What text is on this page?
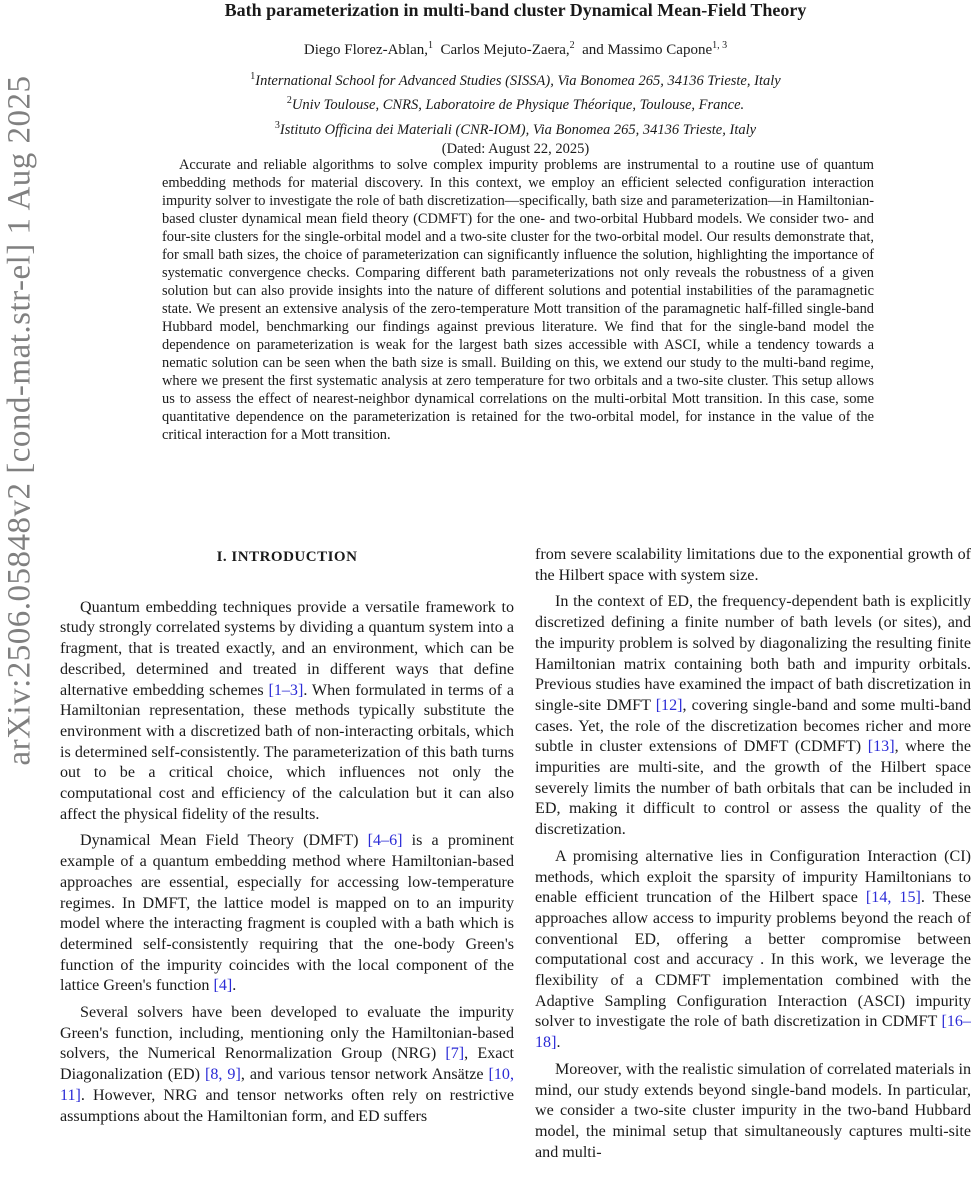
arXiv:2506.05848v2 [cond-mat.str-el] 1 Aug 2025
Bath parameterization in multi-band cluster Dynamical Mean-Field Theory
Diego Florez-Ablan,$^1$ Carlos Mejuto-Zaera,$^2$ and Massimo Capone$^{1, 3}$
$^1$International School for Advanced Studies (SISSA), Via Bonomea 265, 34136 Trieste, Italy
$^2$Univ Toulouse, CNRS, Laboratoire de Physique Théorique, Toulouse, France.
$^3$Istituto Officina dei Materiali (CNR-IOM), Via Bonomea 265, 34136 Trieste, Italy
(Dated: August 22, 2025)
Accurate and reliable algorithms to solve complex impurity problems are instrumental to a routine use of quantum embedding methods for material discovery. In this context, we employ an efficient selected configuration interaction impurity solver to investigate the role of bath discretization—specifically, bath size and parameterization—in Hamiltonian-based cluster dynamical mean field theory (CDMFT) for the one- and two-orbital Hubbard models. We consider two- and four-site clusters for the single-orbital model and a two-site cluster for the two-orbital model. Our results demonstrate that, for small bath sizes, the choice of parameterization can significantly influence the solution, highlighting the importance of systematic convergence checks. Comparing different bath parameterizations not only reveals the robustness of a given solution but can also provide insights into the nature of different solutions and potential instabilities of the paramagnetic state. We present an extensive analysis of the zero-temperature Mott transition of the paramagnetic half-filled single-band Hubbard model, benchmarking our findings against previous literature. We find that for the single-band model the dependence on parameterization is weak for the largest bath sizes accessible with ASCI, while a tendency towards a nematic solution can be seen when the bath size is small. Building on this, we extend our study to the multi-band regime, where we present the first systematic analysis at zero temperature for two orbitals and a two-site cluster. This setup allows us to assess the effect of nearest-neighbor dynamical correlations on the multi-orbital Mott transition. In this case, some quantitative dependence on the parameterization is retained for the two-orbital model, for instance in the value of the critical interaction for a Mott transition.
I. INTRODUCTION

Quantum embedding techniques provide a versatile framework to study strongly correlated systems by dividing a quantum system into a fragment, that is treated exactly, and an environment, which can be described, determined and treated in different ways that define alternative embedding schemes [1–3]. When formulated in terms of a Hamiltonian representation, these methods typically substitute the environment with a discretized bath of non-interacting orbitals, which is determined self-consistently. The parameterization of this bath turns out to be a critical choice, which influences not only the computational cost and efficiency of the calculation but it can also affect the physical fidelity of the results.

Dynamical Mean Field Theory (DMFT) [4–6] is a prominent example of a quantum embedding method where Hamiltonian-based approaches are essential, especially for accessing low-temperature regimes. In DMFT, the lattice model is mapped on to an impurity model where the interacting fragment is coupled with a bath which is determined self-consistently requiring that the one-body Green's function of the impurity coincides with the local component of the lattice Green's function [4].

Several solvers have been developed to evaluate the impurity Green's function, including, mentioning only the Hamiltonian-based solvers, the Numerical Renormalization Group (NRG) [7], Exact Diagonalization (ED) [8, 9], and various tensor network Ansätze [10, 11]. However, NRG and tensor networks often rely on restrictive assumptions about the Hamiltonian form, and ED suffers

from severe scalability limitations due to the exponential growth of the Hilbert space with system size.

In the context of ED, the frequency-dependent bath is explicitly discretized defining a finite number of bath levels (or sites), and the impurity problem is solved by diagonalizing the resulting finite Hamiltonian matrix containing both bath and impurity orbitals. Previous studies have examined the impact of bath discretization in single-site DMFT [12], covering single-band and some multi-band cases. Yet, the role of the discretization becomes richer and more subtle in cluster extensions of DMFT (CDMFT) [13], where the impurities are multi-site, and the growth of the Hilbert space severely limits the number of bath orbitals that can be included in ED, making it difficult to control or assess the quality of the discretization.

A promising alternative lies in Configuration Interaction (CI) methods, which exploit the sparsity of impurity Hamiltonians to enable efficient truncation of the Hilbert space [14, 15]. These approaches allow access to impurity problems beyond the reach of conventional ED, offering a better compromise between computational cost and accuracy . In this work, we leverage the flexibility of a CDMFT implementation combined with the Adaptive Sampling Configuration Interaction (ASCI) impurity solver to investigate the role of bath discretization in CDMFT [16–18].

Moreover, with the realistic simulation of correlated materials in mind, our study extends beyond single-band models. In particular, we consider a two-site cluster impurity in the two-band Hubbard model, the minimal setup that simultaneously captures multi-site and multi-
